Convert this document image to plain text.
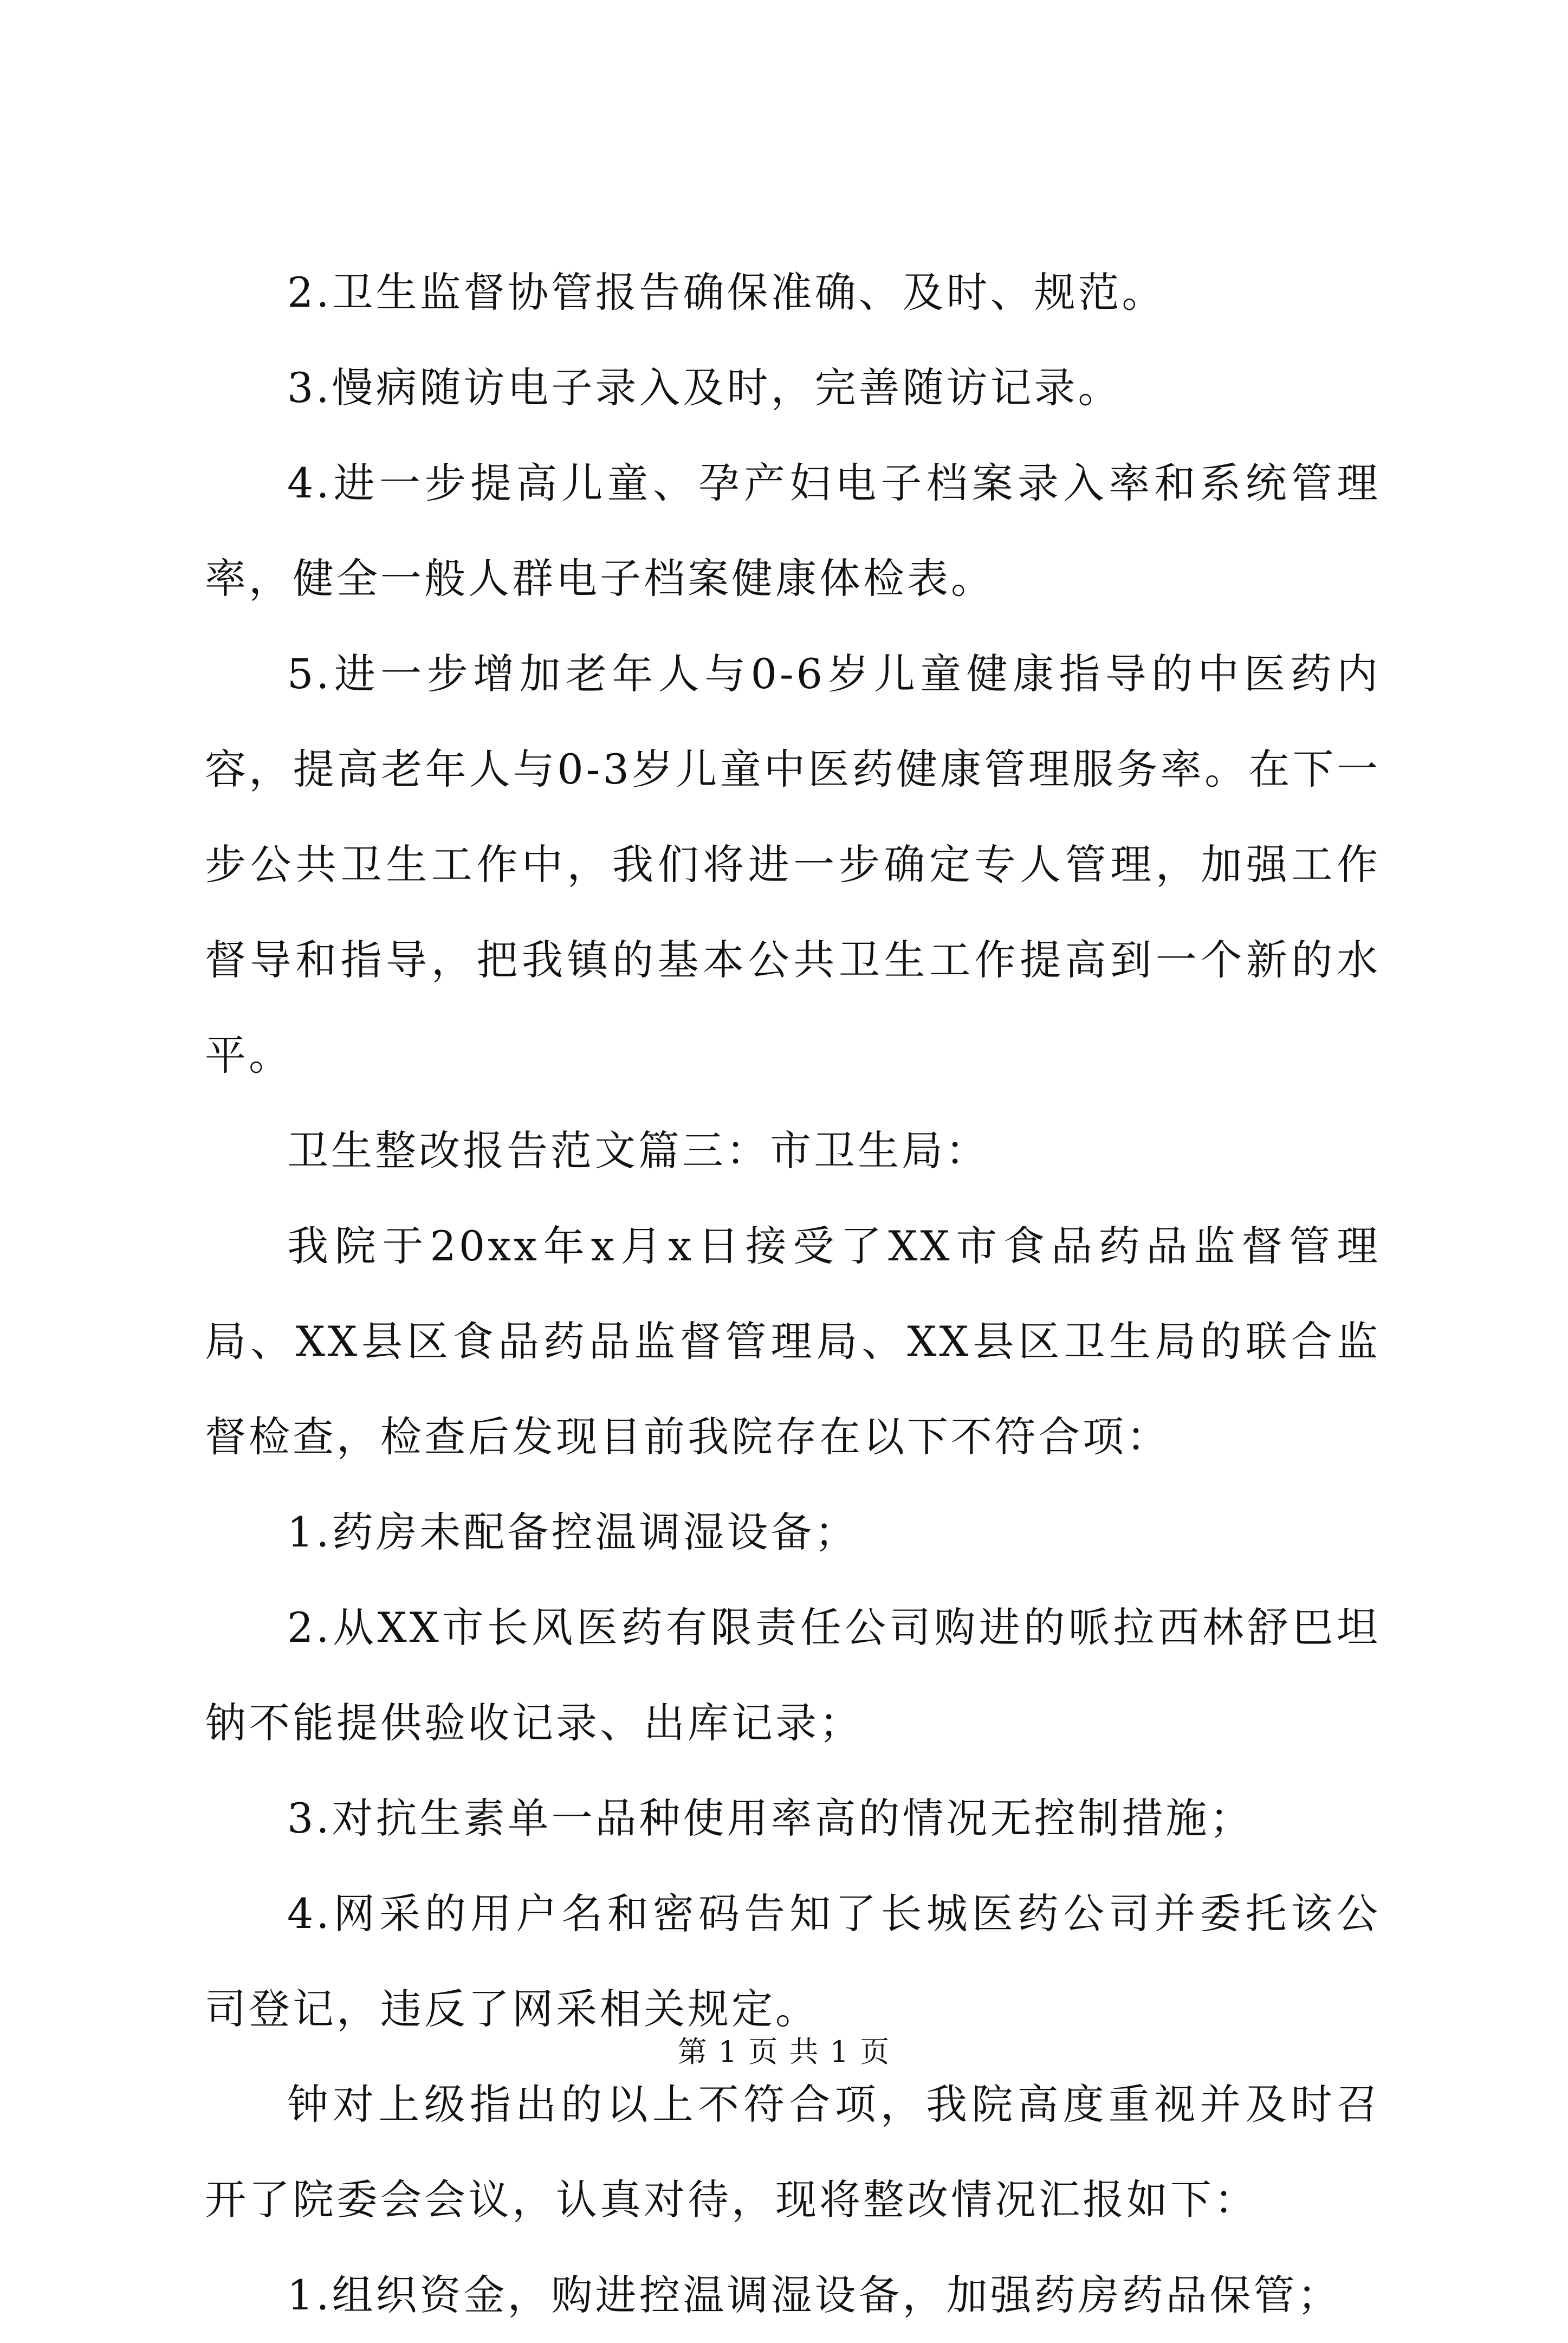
2.卫生监督协管报告确保准确、及时、规范。

3.慢病随访电子录入及时，完善随访记录。

4.进一步提高儿童、孕产妇电子档案录入率和系统管理率，健全一般人群电子档案健康体检表。

5.进一步增加老年人与0-6岁儿童健康指导的中医药内容，提高老年人与0-3岁儿童中医药健康管理服务率。在下一步公共卫生工作中，我们将进一步确定专人管理，加强工作督导和指导，把我镇的基本公共卫生工作提高到一个新的水平。

卫生整改报告范文篇三：市卫生局：

我院于20xx年x月x日接受了XX市食品药品监督管理局、XX县区食品药品监督管理局、XX县区卫生局的联合监督检查，检查后发现目前我院存在以下不符合项：

1.药房未配备控温调湿设备；

2.从XX市长风医药有限责任公司购进的哌拉西林舒巴坦钠不能提供验收记录、出库记录；

3.对抗生素单一品种使用率高的情况无控制措施；

4.网采的用户名和密码告知了长城医药公司并委托该公司登记，违反了网采相关规定。

钟对上级指出的以上不符合项，我院高度重视并及时召开了院委会会议，认真对待，现将整改情况汇报如下：

1.组织资金，购进控温调湿设备，加强药房药品保管；

第 1 页 共 1 页
